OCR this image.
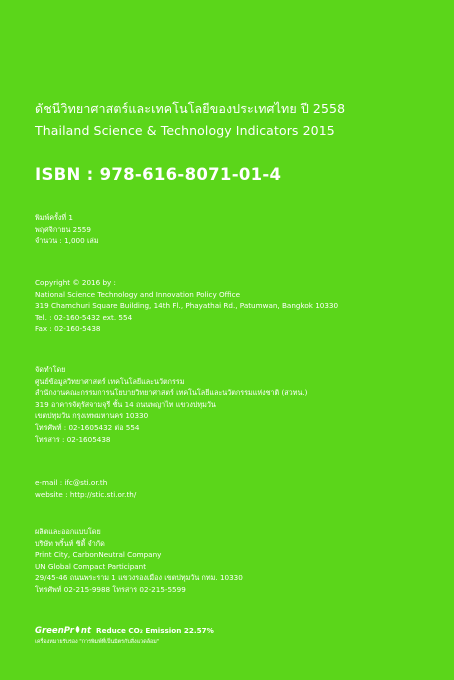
ดัชนีวิทยาศาสตร์และเทคโนโลยีของประเทศไทย ปี 2558
Thailand Science & Technology Indicators 2015
ISBN : 978-616-8071-01-4
พิมพ์ครั้งที่ 1
พฤศจิกายน 2559
จำนวน : 1,000 เล่ม
Copyright © 2016 by :
National Science Technology and Innovation Policy Office
319 Chamchuri Square Building, 14th Fl., Phayathai Rd., Patumwan, Bangkok 10330
Tel. : 02-160-5432 ext. 554
Fax : 02-160-5438
จัดทำโดย
ศูนย์ข้อมูลวิทยาศาสตร์ เทคโนโลยีและนวัตกรรม
สำนักงานคณะกรรมการนโยบายวิทยาศาสตร์ เทคโนโลยีและนวัตกรรมแห่งชาติ (สวทน.)
319 อาคารจัตุรัสจามจุรี ชั้น 14 ถนนพญาไท แขวงปทุมวัน
เขตปทุมวัน กรุงเทพมหานคร 10330
โทรศัพท์ : 02-1605432 ต่อ 554
โทรสาร : 02-1605438
e-mail : ifc@sti.or.th
website : http://stic.sti.or.th/
ผลิตและออกแบบโดย
บริษัท พริ้นท์ ซิตี้ จำกัด
Print City, CarbonNeutral Company
UN Global Compact Participant
29/45-46 ถนนพระราม 1 แขวงรองเมือง เขตปทุมวัน กทม. 10330
โทรศัพท์ 02-215-9988 โทรสาร 02-215-5599
GreenPr nt Reduce CO₂ Emission 22.57%
เครื่องหมายรับรอง "การพิมพ์ที่เป็นมิตรกับสิ่งแวดล้อม"
